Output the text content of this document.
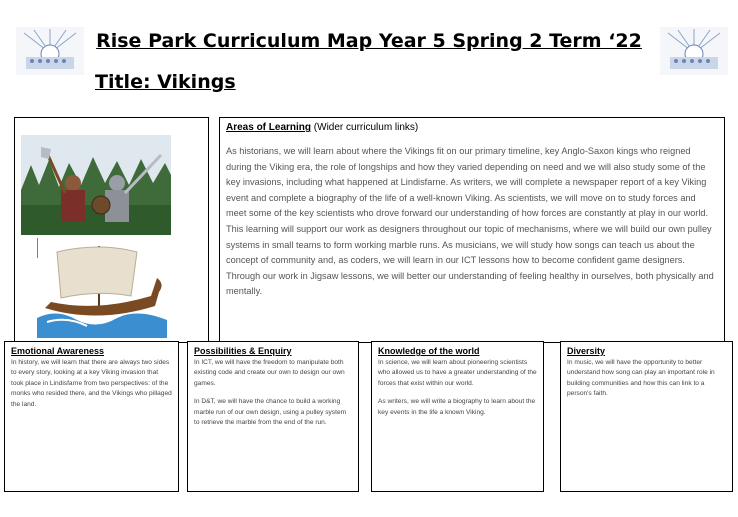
Rise Park Curriculum Map Year 5 Spring 2 Term ‘22
Title: Vikings
Areas of Learning (Wider curriculum links)
As historians, we will learn about where the Vikings fit on our primary timeline, key Anglo-Saxon kings who reigned during the Viking era, the role of longships and how they varied depending on need and we will also study some of the key invasions, including what happened at Lindisfarne. As writers, we will complete a newspaper report of a key Viking event and complete a biography of the life of a well-known Viking. As scientists, we will move on to study forces and meet some of the key scientists who drove forward our understanding of how forces are constantly at play in our world. This learning will support our work as designers throughout our topic of mechanisms, where we will build our own pulley systems in small teams to form working marble runs. As musicians, we will study how songs can teach us about the concept of community and, as coders, we will learn in our ICT lessons how to become confident game designers. Through our work in Jigsaw lessons, we will better our understanding of feeling healthy in ourselves, both physically and mentally.
Emotional Awareness

In history, we will learn that there are always two sides to every story, looking at a key Viking invasion that took place in Lindisfarne from two perspectives: of the monks who resided there, and the Vikings who pillaged the land.

Possibilities & Enquiry

In ICT, we will have the freedom to manipulate both existing code and create our own to design our own games.

In D&T, we will have the chance to build a working marble run of our own design, using a pulley system to retrieve the marble from the end of the run.

Knowledge of the world

In science, we will learn about pioneering scientists who allowed us to have a greater understanding of the forces that exist within our world.

As writers, we will write a biography to learn about the key events in the life a known Viking.

Diversity

In music, we will have the opportunity to better understand how song can play an important role in building communities and how this can link to a person's faith.
